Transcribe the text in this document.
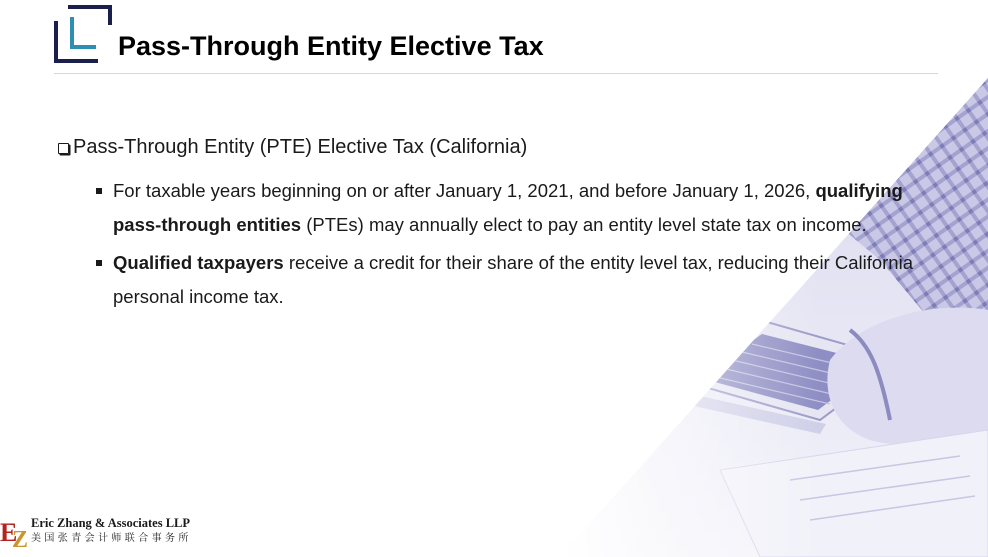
Pass-Through Entity Elective Tax
Pass-Through Entity (PTE) Elective Tax (California)
For taxable years beginning on or after January 1, 2021, and before January 1, 2026, qualifying pass-through entities (PTEs) may annually elect to pay an entity level state tax on income.
Qualified taxpayers receive a credit for their share of the entity level tax, reducing their California personal income tax.
E
Z
Eric Zhang & Associates LLP
美国张青会计师联合事务所
